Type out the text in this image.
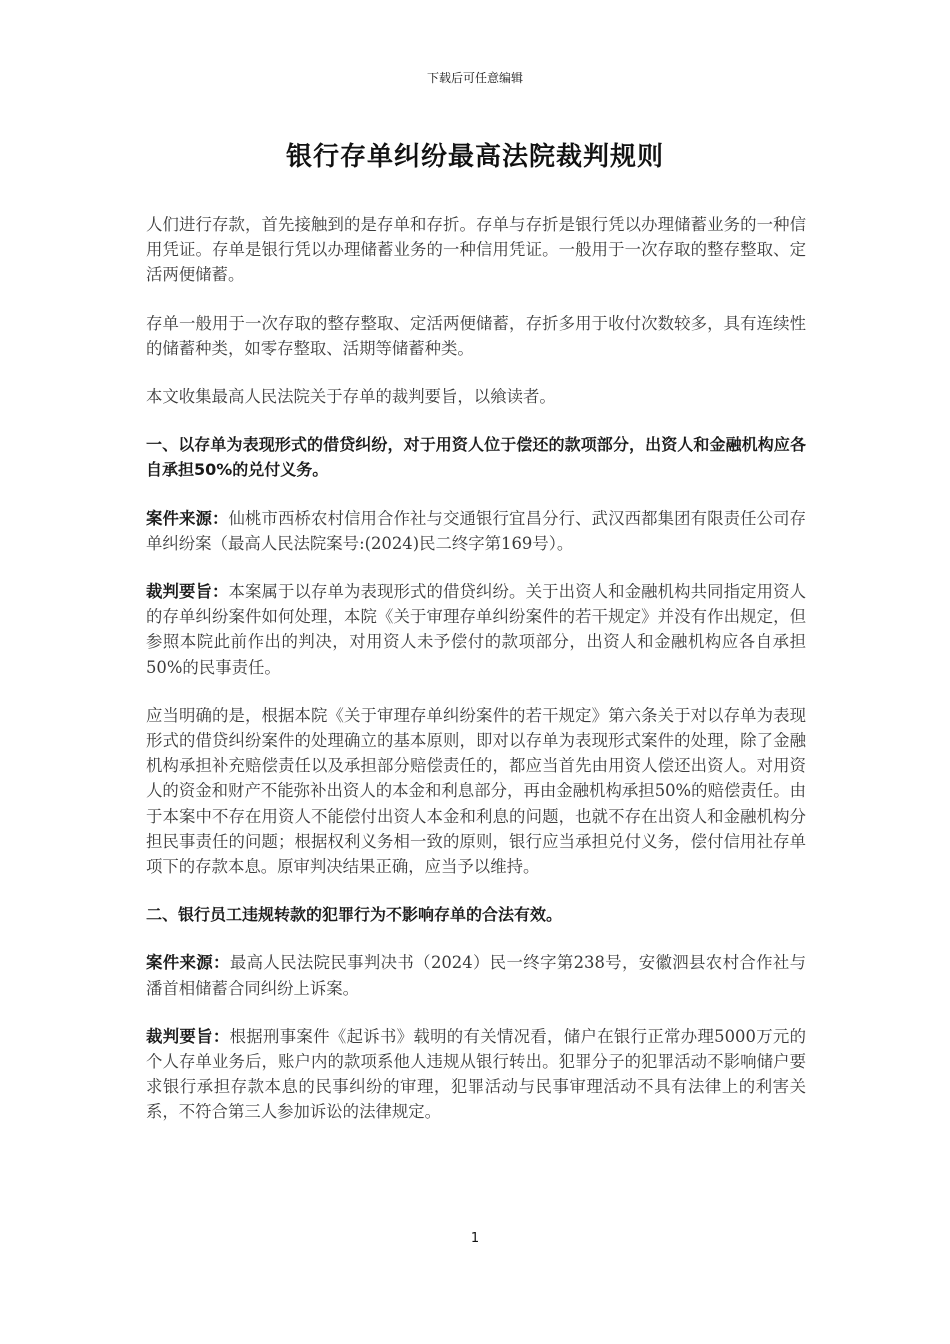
下载后可任意编辑
银行存单纠纷最高法院裁判规则

人们进行存款，首先接触到的是存单和存折。存单与存折是银行凭以办理储蓄业务的一种信用凭证。存单是银行凭以办理储蓄业务的一种信用凭证。一般用于一次存取的整存整取、定活两便储蓄。

存单一般用于一次存取的整存整取、定活两便储蓄，存折多用于收付次数较多，具有连续性的储蓄种类，如零存整取、活期等储蓄种类。

本文收集最高人民法院关于存单的裁判要旨，以飨读者。

一、以存单为表现形式的借贷纠纷，对于用资人位于偿还的款项部分，出资人和金融机构应各自承担50%的兑付义务。

案件来源：仙桃市西桥农村信用合作社与交通银行宜昌分行、武汉西都集团有限责任公司存单纠纷案（最高人民法院案号:(2024)民二终字第169号）。

裁判要旨：本案属于以存单为表现形式的借贷纠纷。关于出资人和金融机构共同指定用资人的存单纠纷案件如何处理，本院《关于审理存单纠纷案件的若干规定》并没有作出规定，但参照本院此前作出的判决，对用资人未予偿付的款项部分，出资人和金融机构应各自承担50%的民事责任。

应当明确的是，根据本院《关于审理存单纠纷案件的若干规定》第六条关于对以存单为表现形式的借贷纠纷案件的处理确立的基本原则，即对以存单为表现形式案件的处理，除了金融机构承担补充赔偿责任以及承担部分赔偿责任的，都应当首先由用资人偿还出资人。对用资人的资金和财产不能弥补出资人的本金和利息部分，再由金融机构承担50%的赔偿责任。由于本案中不存在用资人不能偿付出资人本金和利息的问题，也就不存在出资人和金融机构分担民事责任的问题；根据权利义务相一致的原则，银行应当承担兑付义务，偿付信用社存单项下的存款本息。原审判决结果正确，应当予以维持。

二、银行员工违规转款的犯罪行为不影响存单的合法有效。

案件来源：最高人民法院民事判决书（2024）民一终字第238号，安徽泗县农村合作社与潘首相储蓄合同纠纷上诉案。

裁判要旨：根据刑事案件《起诉书》载明的有关情况看，储户在银行正常办理5000万元的个人存单业务后，账户内的款项系他人违规从银行转出。犯罪分子的犯罪活动不影响储户要求银行承担存款本息的民事纠纷的审理，犯罪活动与民事审理活动不具有法律上的利害关系，不符合第三人参加诉讼的法律规定。

1
